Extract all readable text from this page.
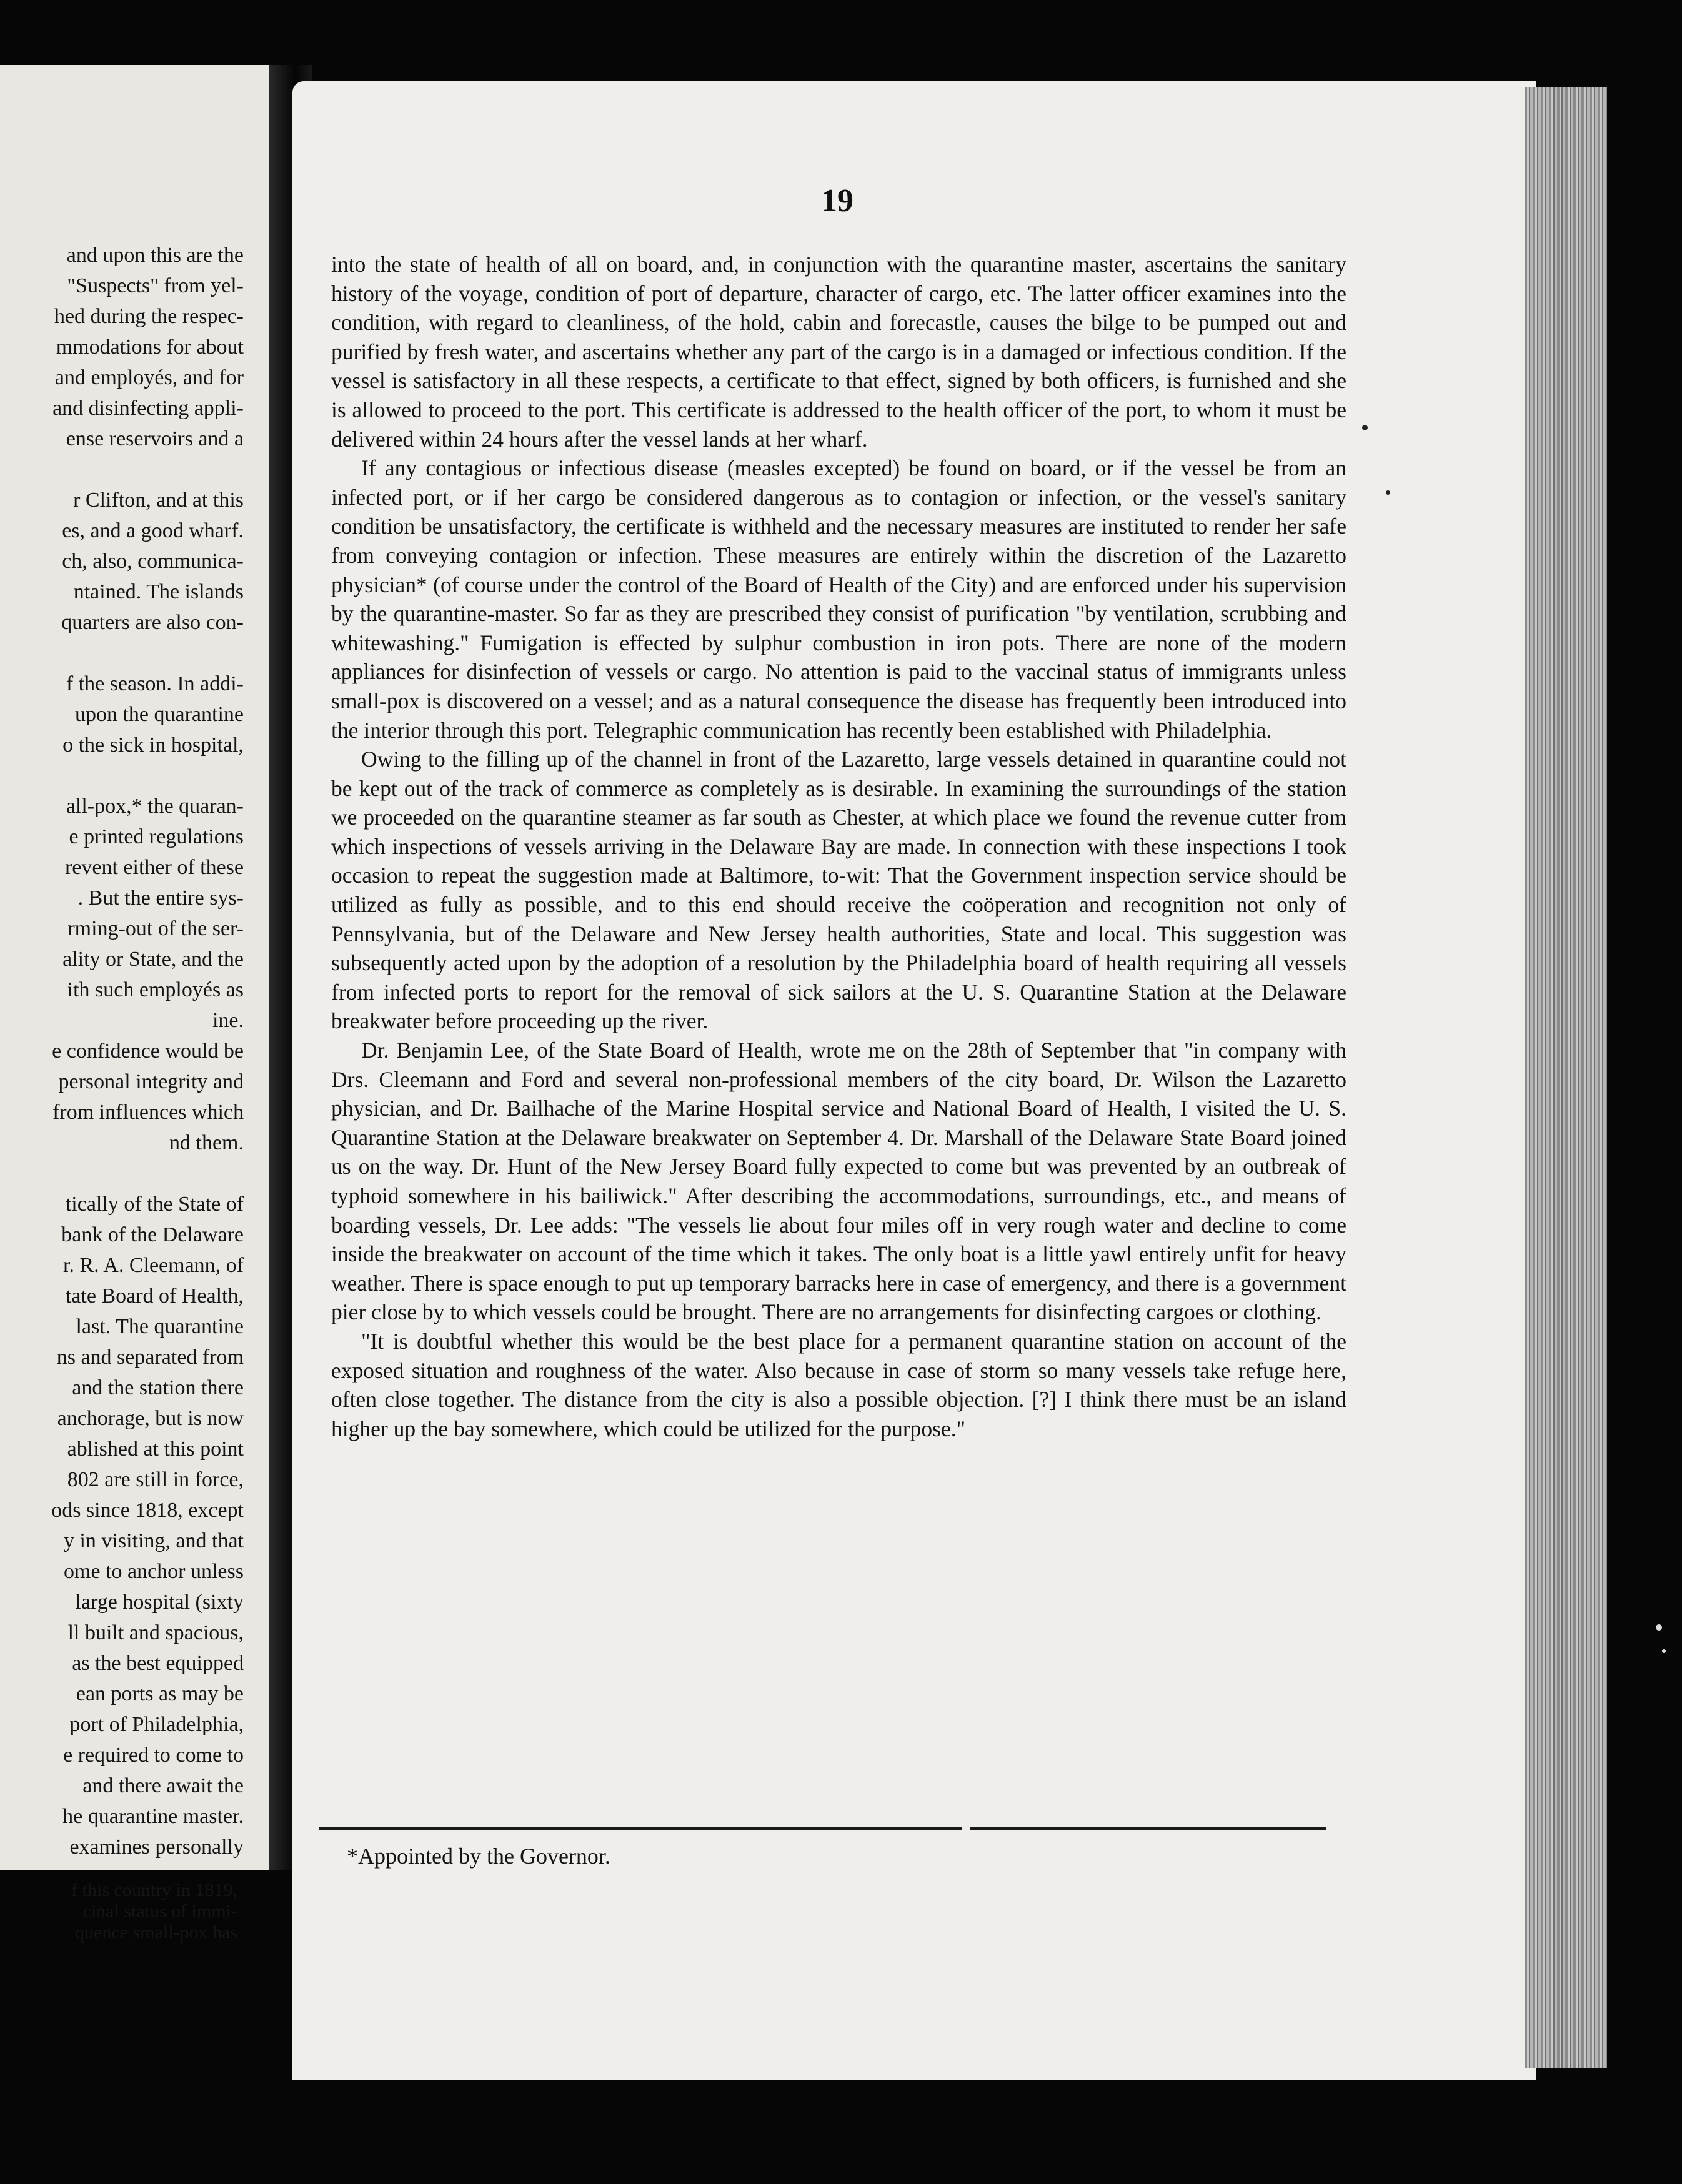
and upon this are the
"Suspects" from yel-
hed during the respec-
mmodations for about
and employés, and for
and disinfecting appli-
ense reservoirs and a
r Clifton, and at this
es, and a good wharf.
ch, also, communica-
ntained. The islands
quarters are also con-
f the season. In addi-
upon the quarantine
o the sick in hospital,
all-pox,* the quaran-
e printed regulations
revent either of these
. But the entire sys-
rming-out of the ser-
ality or State, and the
ith such employés as
ine.
e confidence would be
personal integrity and
from influences which
nd them.
tically of the State of
bank of the Delaware
r. R. A. Cleemann, of
tate Board of Health,
last. The quarantine
ns and separated from
and the station there
anchorage, but is now
ablished at this point
802 are still in force,
ods since 1818, except
y in visiting, and that
ome to anchor unless
large hospital (sixty
ll built and spacious,
as the best equipped
ean ports as may be
port of Philadelphia,
e required to come to
and there await the
he quarantine master.
examines personally
f this country in 1819,
cinal status of immi-
quence small-pox has
19

into the state of health of all on board, and, in conjunction with the quarantine master, ascertains the sanitary history of the voyage, condition of port of departure, character of cargo, etc. The latter officer examines into the condition, with regard to cleanliness, of the hold, cabin and forecastle, causes the bilge to be pumped out and purified by fresh water, and ascertains whether any part of the cargo is in a damaged or infectious condition. If the vessel is satisfactory in all these respects, a certificate to that effect, signed by both officers, is furnished and she is allowed to proceed to the port. This certificate is addressed to the health officer of the port, to whom it must be delivered within 24 hours after the vessel lands at her wharf.

If any contagious or infectious disease (measles excepted) be found on board, or if the vessel be from an infected port, or if her cargo be considered dangerous as to contagion or infection, or the vessel's sanitary condition be unsatisfactory, the certificate is withheld and the necessary measures are instituted to render her safe from conveying contagion or infection. These measures are entirely within the discretion of the Lazaretto physician* (of course under the control of the Board of Health of the City) and are enforced under his supervision by the quarantine-master. So far as they are prescribed they consist of purification "by ventilation, scrubbing and whitewashing." Fumigation is effected by sulphur combustion in iron pots. There are none of the modern appliances for disinfection of vessels or cargo. No attention is paid to the vaccinal status of immigrants unless small-pox is discovered on a vessel; and as a natural consequence the disease has frequently been introduced into the interior through this port. Telegraphic communication has recently been established with Philadelphia.

Owing to the filling up of the channel in front of the Lazaretto, large vessels detained in quarantine could not be kept out of the track of commerce as completely as is desirable. In examining the surroundings of the station we proceeded on the quarantine steamer as far south as Chester, at which place we found the revenue cutter from which inspections of vessels arriving in the Delaware Bay are made. In connection with these inspections I took occasion to repeat the suggestion made at Baltimore, to-wit: That the Government inspection service should be utilized as fully as possible, and to this end should receive the coöperation and recognition not only of Pennsylvania, but of the Delaware and New Jersey health authorities, State and local. This suggestion was subsequently acted upon by the adoption of a resolution by the Philadelphia board of health requiring all vessels from infected ports to report for the removal of sick sailors at the U. S. Quarantine Station at the Delaware breakwater before proceeding up the river.

Dr. Benjamin Lee, of the State Board of Health, wrote me on the 28th of September that "in company with Drs. Cleemann and Ford and several non-professional members of the city board, Dr. Wilson the Lazaretto physician, and Dr. Bailhache of the Marine Hospital service and National Board of Health, I visited the U. S. Quarantine Station at the Delaware breakwater on September 4. Dr. Marshall of the Delaware State Board joined us on the way. Dr. Hunt of the New Jersey Board fully expected to come but was prevented by an outbreak of typhoid somewhere in his bailiwick." After describing the accommodations, surroundings, etc., and means of boarding vessels, Dr. Lee adds: "The vessels lie about four miles off in very rough water and decline to come inside the breakwater on account of the time which it takes. The only boat is a little yawl entirely unfit for heavy weather. There is space enough to put up temporary barracks here in case of emergency, and there is a government pier close by to which vessels could be brought. There are no arrangements for disinfecting cargoes or clothing.

"It is doubtful whether this would be the best place for a permanent quarantine station on account of the exposed situation and roughness of the water. Also because in case of storm so many vessels take refuge here, often close together. The distance from the city is also a possible objection. [?] I think there must be an island higher up the bay somewhere, which could be utilized for the purpose."

*Appointed by the Governor.
